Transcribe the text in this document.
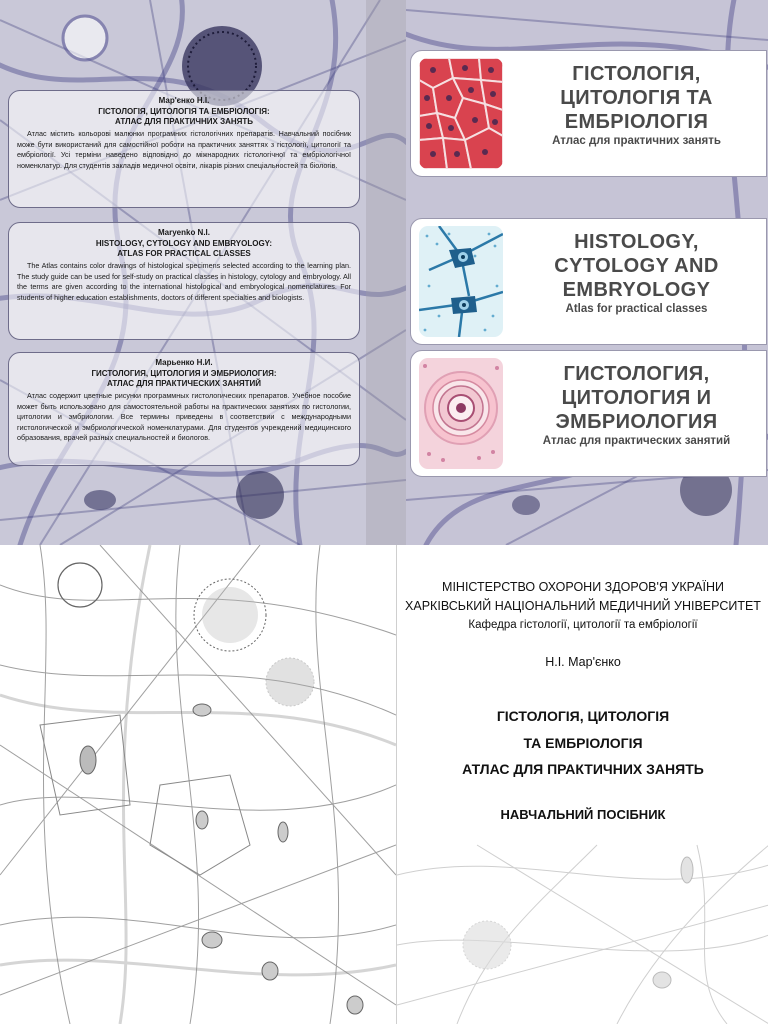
Мар'єнко Н.І.
ГІСТОЛОГІЯ, ЦИТОЛОГІЯ ТА ЕМБРІОЛОГІЯ:
АТЛАС ДЛЯ ПРАКТИЧНИХ ЗАНЯТЬ
Атлас містить кольорові малюнки програмних гістологічних препаратів. Навчальний посібник може бути використаний для самостійної роботи на практичних заняттях з гістології, цитології та ембріології. Усі терміни наведено відповідно до міжнародних гістологічної та ембріологічної номенклатур. Для студентів закладів медичної освіти, лікарів різних спеціальностей та біологів.
Maryenko N.I.
HISTOLOGY, CYTOLOGY AND EMBRYOLOGY:
ATLAS FOR PRACTICAL CLASSES
The Atlas contains color drawings of histological specimens selected according to the learning plan. The study guide can be used for self-study on practical classes in histology, cytology and embryology. All the terms are given according to the international histological and embryological nomenclatures. For students of higher education establishments, doctors of different specialties and biologists.
Марьенко Н.И.
ГИСТОЛОГИЯ, ЦИТОЛОГИЯ И ЭМБРИОЛОГИЯ:
АТЛАС ДЛЯ ПРАКТИЧЕСКИХ ЗАНЯТИЙ
Атлас содержит цветные рисунки программных гистологических препаратов. Учебное пособие может быть использовано для самостоятельной работы на практических занятиях по гистологии, цитологии и эмбриологии. Все термины приведены в соответствии с международными гистологической и эмбриологической номенклатурами. Для студентов учреждений медицинского образования, врачей разных специальностей и биологов.
ГІСТОЛОГІЯ,
ЦИТОЛОГІЯ ТА
ЕМБРІОЛОГІЯ
Атлас для практичних занять
HISTOLOGY,
CYTOLOGY AND
EMBRYOLOGY
Atlas for practical classes
ГИСТОЛОГИЯ,
ЦИТОЛОГИЯ И
ЭМБРИОЛОГИЯ
Атлас для практических занятий
МІНІСТЕРСТВО ОХОРОНИ ЗДОРОВ'Я УКРАЇНИ
ХАРКІВСЬКИЙ НАЦІОНАЛЬНИЙ МЕДИЧНИЙ УНІВЕРСИТЕТ
Кафедра гістології, цитології та ембріології
Н.І. Мар'єнко
ГІСТОЛОГІЯ, ЦИТОЛОГІЯ
ТА ЕМБРІОЛОГІЯ
АТЛАС ДЛЯ ПРАКТИЧНИХ ЗАНЯТЬ
НАВЧАЛЬНИЙ ПОСІБНИК
